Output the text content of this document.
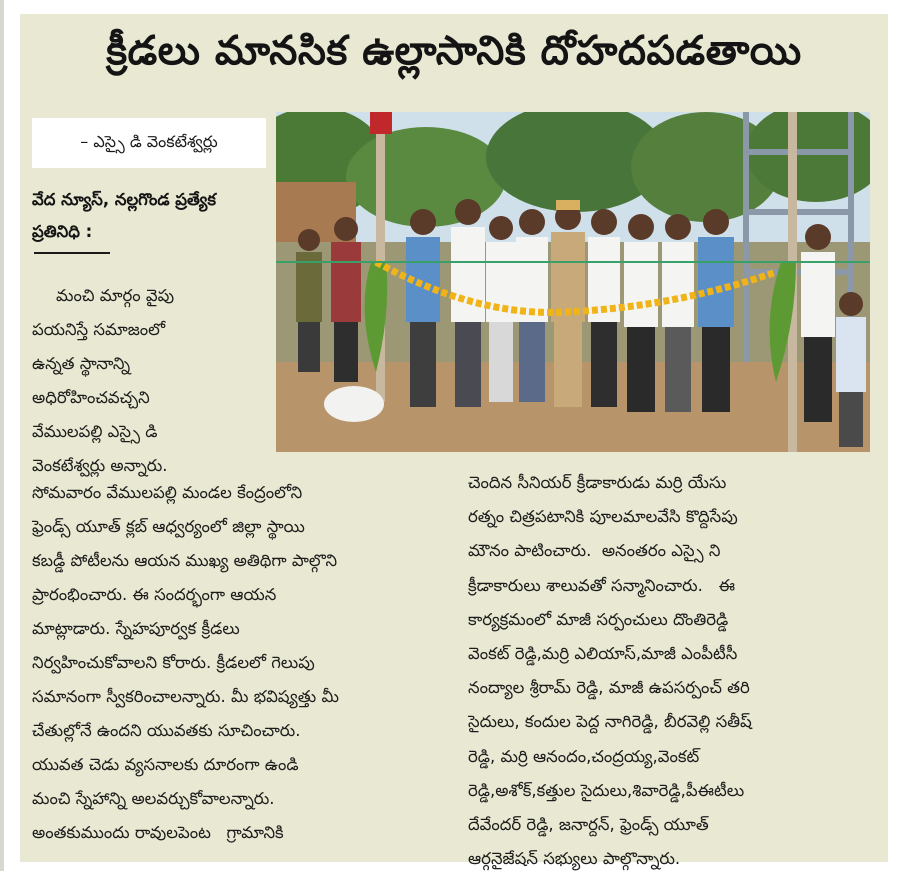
క్రీడలు మానసిక ఉల్లాసానికి దోహదపడతాయి
– ఎస్సై డి వెంకటేశ్వర్లు
వేద న్యూస్, నల్లగొండ ప్రత్యేక
ప్రతినిధి :
మంచి మార్గం వైపు
పయనిస్తే సమాజంలో
ఉన్నత స్థానాన్ని
అధిరోహించవచ్చని
వేములపల్లి ఎస్సై డి
వెంకటేశ్వర్లు అన్నారు.
సోమవారం వేములపల్లి మండల కేంద్రంలోని
ఫ్రెండ్స్ యూత్ క్లబ్ ఆధ్వర్యంలో జిల్లా స్థాయి
కబడ్డీ పోటీలను ఆయన ముఖ్య అతిథిగా పాల్గొని
ప్రారంభించారు. ఈ సందర్భంగా ఆయన
మాట్లాడారు. స్నేహపూర్వక క్రీడలు
నిర్వహించుకోవాలని కోరారు. క్రీడలలో గెలుపు
సమానంగా స్వీకరించాలన్నారు. మీ భవిష్యత్తు మీ
చేతుల్లోనే ఉందని యువతకు సూచించారు.
యువత చెడు వ్యసనాలకు దూరంగా ఉండి
మంచి స్నేహాన్ని అలవర్చుకోవాలన్నారు.
అంతకుముందు రావులపెంట   గ్రామానికి
చెందిన సీనియర్ క్రీడాకారుడు మర్రి యేసు
రత్నం చిత్రపటానికి పూలమాలవేసి కొద్దిసేపు
మౌనం పాటించారు.  అనంతరం ఎస్సై ని
క్రీడాకారులు శాలువతో సన్మానించారు.   ఈ
కార్యక్రమంలో మాజీ సర్పంచులు దొంతిరెడ్డి
వెంకట్ రెడ్డి,మర్రి ఎలియాస్,మాజీ ఎంపీటీసీ
నంద్యాల శ్రీరామ్ రెడ్డి, మాజీ ఉపసర్పంచ్ తరి
సైదులు, కందుల పెద్ద నాగిరెడ్డి, బీరవెల్లి సతీష్
రెడ్డి, మర్రి ఆనందం,చంద్రయ్య,వెంకట్
రెడ్డి,అశోక్,కత్తుల సైదులు,శివారెడ్డి,పీఈటీలు
దేవేందర్ రెడ్డి, జనార్దన్, ఫ్రెండ్స్ యూత్
ఆర్గనైజేషన్ సభ్యులు పాల్గొన్నారు.
